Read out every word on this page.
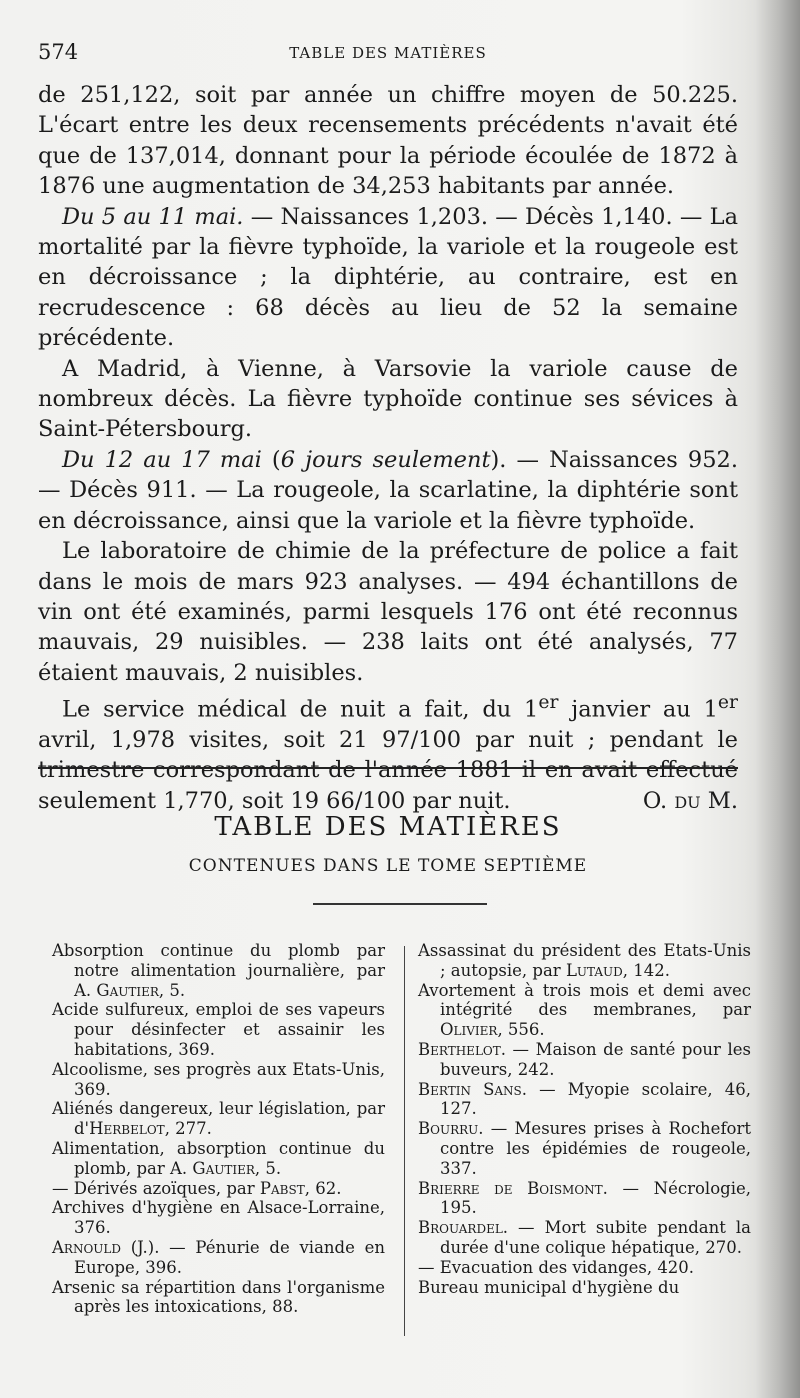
574	TABLE DES MATIÈRES

de 251,122, soit par année un chiffre moyen de 50.225. L'écart entre les deux recensements précédents n'avait été que de 137,014, donnant pour la période écoulée de 1872 à 1876 une augmentation de 34,253 habitants par année.

Du 5 au 11 mai. — Naissances 1,203. — Décès 1,140. — La mortalité par la fièvre typhoïde, la variole et la rougeole est en décroissance ; la diphtérie, au contraire, est en recrudescence : 68 décès au lieu de 52 la semaine précédente.

A Madrid, à Vienne, à Varsovie la variole cause de nombreux décès. La fièvre typhoïde continue ses sévices à Saint-Pétersbourg.

Du 12 au 17 mai (6 jours seulement). — Naissances 952. — Décès 911. — La rougeole, la scarlatine, la diphtérie sont en décroissance, ainsi que la variole et la fièvre typhoïde.

Le laboratoire de chimie de la préfecture de police a fait dans le mois de mars 923 analyses. — 494 échantillons de vin ont été examinés, parmi lesquels 176 ont été reconnus mauvais, 29 nuisibles. — 238 laits ont été analysés, 77 étaient mauvais, 2 nuisibles.

Le service médical de nuit a fait, du 1er janvier au 1er avril, 1,978 visites, soit 21 97/100 par nuit ; pendant le trimestre correspondant de l'année 1881 il en avait effectué seulement 1,770, soit 19 66/100 par nuit.	O. du M.

TABLE DES MATIÈRES
CONTENUES DANS LE TOME SEPTIÈME

Absorption continue du plomb par notre alimentation journalière, par A. Gautier, 5.

Acide sulfureux, emploi de ses vapeurs pour désinfecter et assainir les habitations, 369.

Alcoolisme, ses progrès aux Etats-Unis, 369.

Aliénés dangereux, leur législation, par d'Herbelot, 277.

Alimentation, absorption continue du plomb, par A. Gautier, 5.

— Dérivés azoïques, par Pabst, 62.

Archives d'hygiène en Alsace-Lorraine, 376.

Arnould (J.). — Pénurie de viande en Europe, 396.

Arsenic sa répartition dans l'organisme après les intoxications, 88.

Assassinat du président des Etats-Unis ; autopsie, par Lutaud, 142.

Avortement à trois mois et demi avec intégrité des membranes, par Olivier, 556.

Berthelot. — Maison de santé pour les buveurs, 242.

Bertin Sans. — Myopie scolaire, 46, 127.

Bourru. — Mesures prises à Rochefort contre les épidémies de rougeole, 337.

Brierre de Boismont. — Nécrologie, 195.

Brouardel. — Mort subite pendant la durée d'une colique hépatique, 270.

— Evacuation des vidanges, 420.

Bureau municipal d'hygiène du
